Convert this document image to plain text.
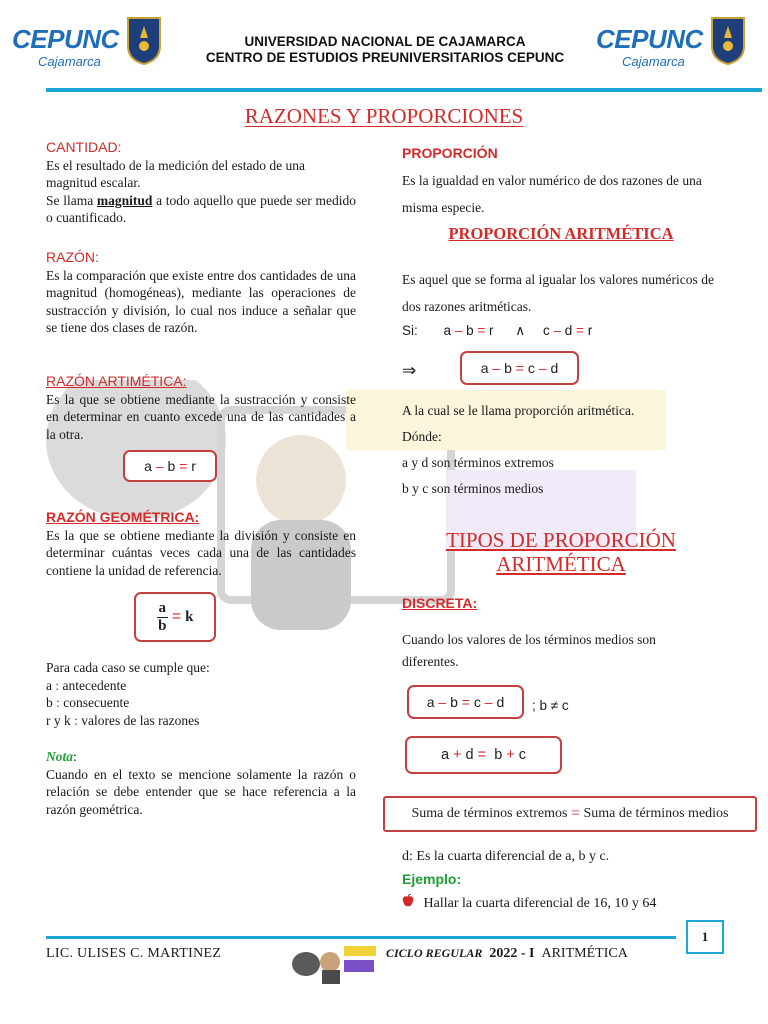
CEPUNC
Cajamarca
CEPUNC
Cajamarca
UNIVERSIDAD NACIONAL DE CAJAMARCA
CENTRO DE ESTUDIOS PREUNIVERSITARIOS CEPUNC
RAZONES Y PROPORCIONES
CANTIDAD:
Es el resultado de la medición del estado de una magnitud escalar.
Se llama magnitud a todo aquello que puede ser medido o cuantificado.
RAZÓN:
Es la comparación que existe entre dos cantidades de una magnitud (homogéneas), mediante las operaciones de sustracción y división, lo cual nos induce a señalar que se tiene dos clases de razón.
RAZÓN ARTIMÉTICA:
Es la que se obtiene mediante la sustracción y consiste en determinar en cuanto excede una de las cantidades a la otra.
a
–
b
=
r
RAZÓN GEOMÉTRICA:
Es la que se obtiene mediante la división y consiste en determinar cuántas veces cada una de las cantidades contiene la unidad de referencia.
$\frac{a}{b}$
=
k
Para cada caso se cumple que:
a : antecedente
b : consecuente
r y k : valores de las razones
Nota:
Cuando en el texto se mencione solamente la razón o relación se debe entender que se hace referencia a la razón geométrica.
PROPORCIÓN
Es la igualdad en valor numérico de dos razones de una misma especie.
PROPORCIÓN ARITMÉTICA
Es aquel que se forma al igualar los valores numéricos de dos razones aritméticas.
Si: a – b = r ∧ c – d = r
⇒	a
–
b
=
c
–
d
A la cual se le llama proporción aritmética.
Dónde:
a y d son términos extremos
b y c son términos medios
TIPOS DE PROPORCIÓN
ARITMÉTICA
DISCRETA:
Cuando los valores de los términos medios son diferentes.
a
–
b
=
c
–
d ; b ≠ c
a
+
d
=
b
+
c
Suma de términos extremos
=
Suma de términos medios
d: Es la cuarta diferencial de a, b y c.
Ejemplo:
Hallar la cuarta diferencial de 16, 10 y 64
1
LIC. ULISES C. MARTINEZ	CICLO REGULAR 2022 - I ARITMÉTICA
